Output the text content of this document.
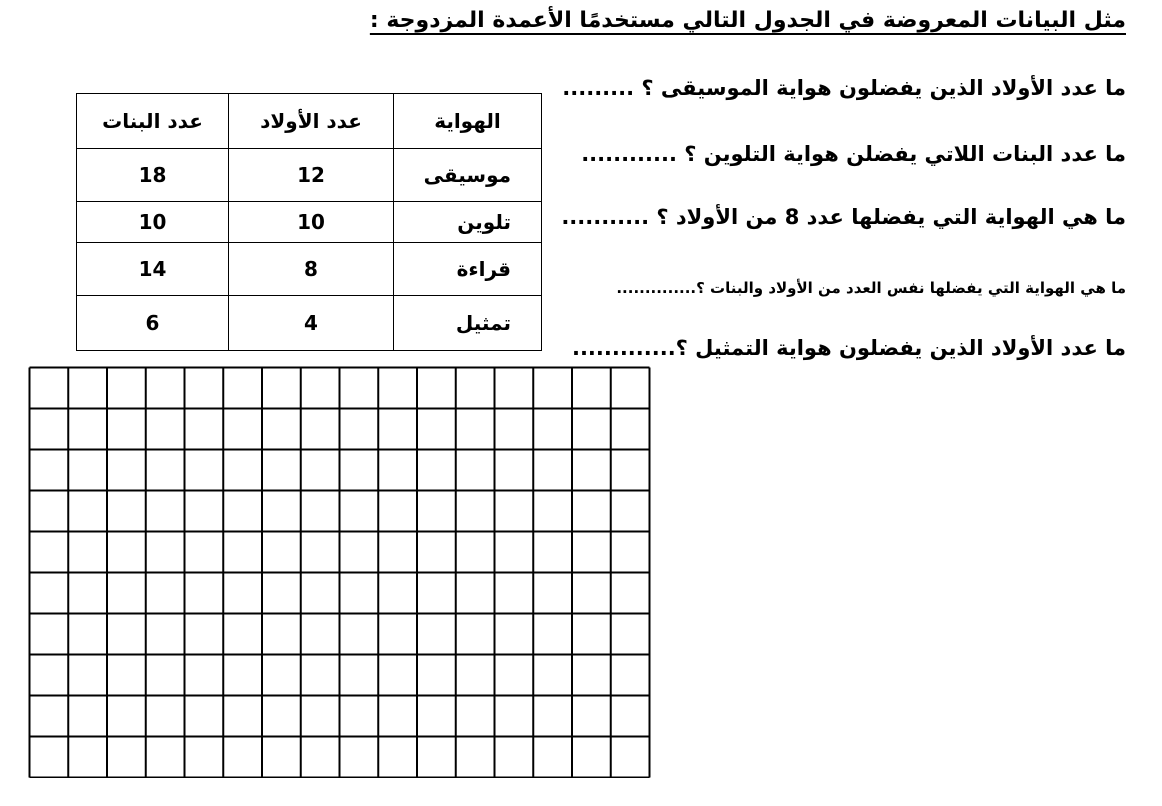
مثل البيانات المعروضة في الجدول التالي مستخدمًا الأعمدة المزدوجة :
ما عدد الأولاد الذين يفضلون هواية الموسيقى ؟ .........
ما عدد البنات اللاتي يفضلن هواية التلوين ؟ ............
ما هي الهواية التي يفضلها عدد 8 من الأولاد ؟ ...........
ما هي الهواية التي يفضلها نفس العدد من الأولاد والبنات ؟..............
ما عدد الأولاد الذين يفضلون هواية التمثيل ؟.............
الهواية	عدد الأولاد	عدد البنات
موسيقى	12	18
تلوين	10	10
قراءة	8	14
تمثيل	4	6
